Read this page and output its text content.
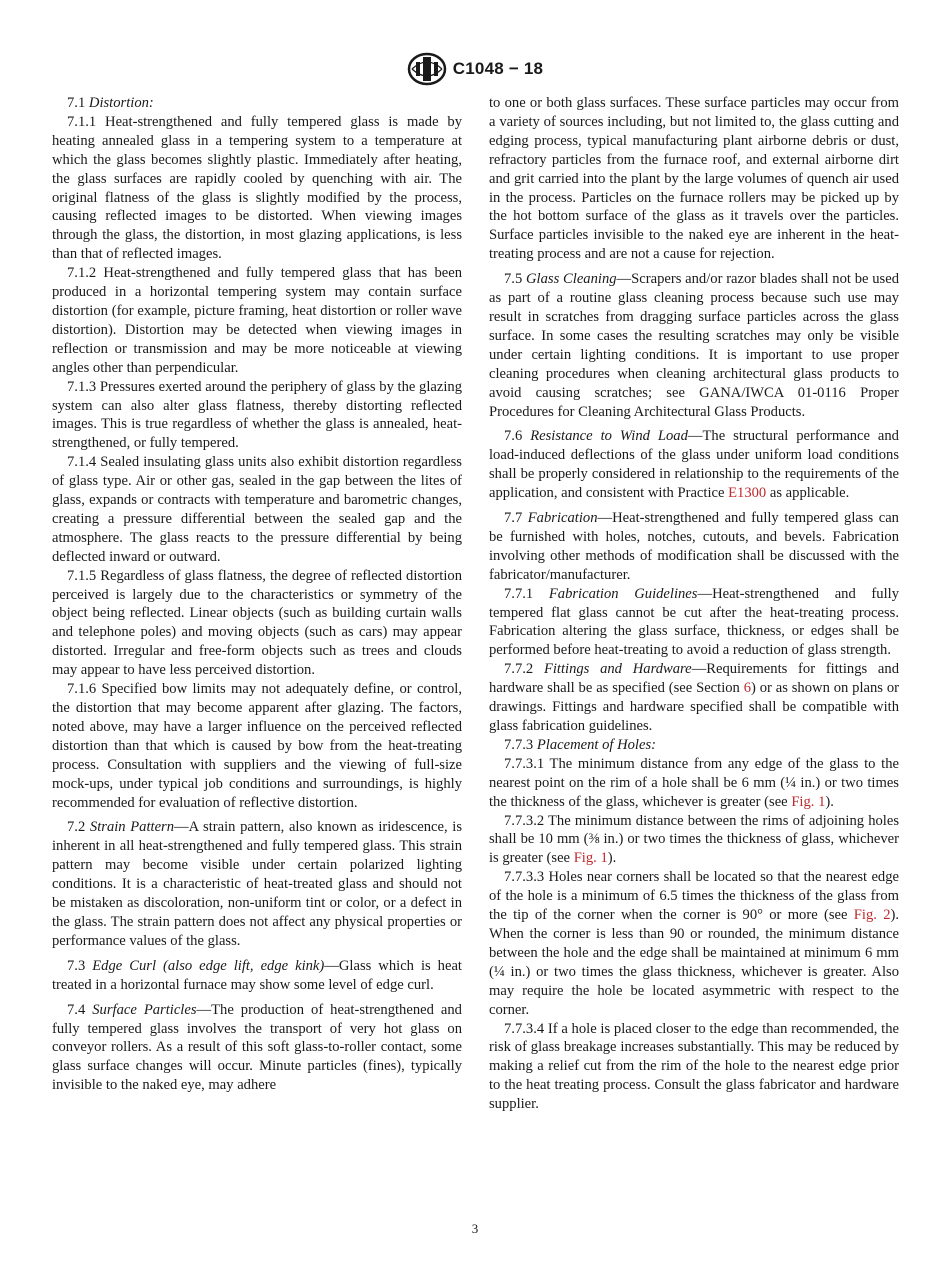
C1048 − 18

7.1 Distortion:

7.1.1 Heat-strengthened and fully tempered glass is made by heating annealed glass in a tempering system to a temperature at which the glass becomes slightly plastic. Immediately after heating, the glass surfaces are rapidly cooled by quenching with air. The original flatness of the glass is slightly modified by the process, causing reflected images to be distorted. When viewing images through the glass, the distortion, in most glazing applications, is less than that of reflected images.

7.1.2 Heat-strengthened and fully tempered glass that has been produced in a horizontal tempering system may contain surface distortion (for example, picture framing, heat distortion or roller wave distortion). Distortion may be detected when viewing images in reflection or transmission and may be more noticeable at viewing angles other than perpendicular.

7.1.3 Pressures exerted around the periphery of glass by the glazing system can also alter glass flatness, thereby distorting reflected images. This is true regardless of whether the glass is annealed, heat-strengthened, or fully tempered.

7.1.4 Sealed insulating glass units also exhibit distortion regardless of glass type. Air or other gas, sealed in the gap between the lites of glass, expands or contracts with temperature and barometric changes, creating a pressure differential between the sealed gap and the atmosphere. The glass reacts to the pressure differential by being deflected inward or outward.

7.1.5 Regardless of glass flatness, the degree of reflected distortion perceived is largely due to the characteristics or symmetry of the object being reflected. Linear objects (such as building curtain walls and telephone poles) and moving objects (such as cars) may appear distorted. Irregular and free-form objects such as trees and clouds may appear to have less perceived distortion.

7.1.6 Specified bow limits may not adequately define, or control, the distortion that may become apparent after glazing. The factors, noted above, may have a larger influence on the perceived reflected distortion than that which is caused by bow from the heat-treating process. Consultation with suppliers and the viewing of full-size mock-ups, under typical job conditions and surroundings, is highly recommended for evaluation of reflective distortion.

7.2 Strain Pattern—A strain pattern, also known as iridescence, is inherent in all heat-strengthened and fully tempered glass. This strain pattern may become visible under certain polarized lighting conditions. It is a characteristic of heat-treated glass and should not be mistaken as discoloration, non-uniform tint or color, or a defect in the glass. The strain pattern does not affect any physical properties or performance values of the glass.

7.3 Edge Curl (also edge lift, edge kink)—Glass which is heat treated in a horizontal furnace may show some level of edge curl.

7.4 Surface Particles—The production of heat-strengthened and fully tempered glass involves the transport of very hot glass on conveyor rollers. As a result of this soft glass-to-roller contact, some glass surface changes will occur. Minute particles (fines), typically invisible to the naked eye, may adhere

to one or both glass surfaces. These surface particles may occur from a variety of sources including, but not limited to, the glass cutting and edging process, typical manufacturing plant airborne debris or dust, refractory particles from the furnace roof, and external airborne dirt and grit carried into the plant by the large volumes of quench air used in the process. Particles on the furnace rollers may be picked up by the hot bottom surface of the glass as it travels over the particles. Surface particles invisible to the naked eye are inherent in the heat-treating process and are not a cause for rejection.

7.5 Glass Cleaning—Scrapers and/or razor blades shall not be used as part of a routine glass cleaning process because such use may result in scratches from dragging surface particles across the glass surface. In some cases the resulting scratches may only be visible under certain lighting conditions. It is important to use proper cleaning procedures when cleaning architectural glass products to avoid causing scratches; see GANA/IWCA 01-0116 Proper Procedures for Cleaning Architectural Glass Products.

7.6 Resistance to Wind Load—The structural performance and load-induced deflections of the glass under uniform load conditions shall be properly considered in relationship to the requirements of the application, and consistent with Practice E1300 as applicable.

7.7 Fabrication—Heat-strengthened and fully tempered glass can be furnished with holes, notches, cutouts, and bevels. Fabrication involving other methods of modification shall be discussed with the fabricator/manufacturer.

7.7.1 Fabrication Guidelines—Heat-strengthened and fully tempered flat glass cannot be cut after the heat-treating process. Fabrication altering the glass surface, thickness, or edges shall be performed before heat-treating to avoid a reduction of glass strength.

7.7.2 Fittings and Hardware—Requirements for fittings and hardware shall be as specified (see Section 6) or as shown on plans or drawings. Fittings and hardware specified shall be compatible with glass fabrication guidelines.

7.7.3 Placement of Holes:

7.7.3.1 The minimum distance from any edge of the glass to the nearest point on the rim of a hole shall be 6 mm (¼ in.) or two times the thickness of the glass, whichever is greater (see Fig. 1).

7.7.3.2 The minimum distance between the rims of adjoining holes shall be 10 mm (⅜ in.) or two times the thickness of glass, whichever is greater (see Fig. 1).

7.7.3.3 Holes near corners shall be located so that the nearest edge of the hole is a minimum of 6.5 times the thickness of the glass from the tip of the corner when the corner is 90° or more (see Fig. 2). When the corner is less than 90 or rounded, the minimum distance between the hole and the edge shall be maintained at minimum 6 mm (¼ in.) or two times the glass thickness, whichever is greater. Also may require the hole be located asymmetric with respect to the corner.

7.7.3.4 If a hole is placed closer to the edge than recommended, the risk of glass breakage increases substantially. This may be reduced by making a relief cut from the rim of the hole to the nearest edge prior to the heat treating process. Consult the glass fabricator and hardware supplier.

3
